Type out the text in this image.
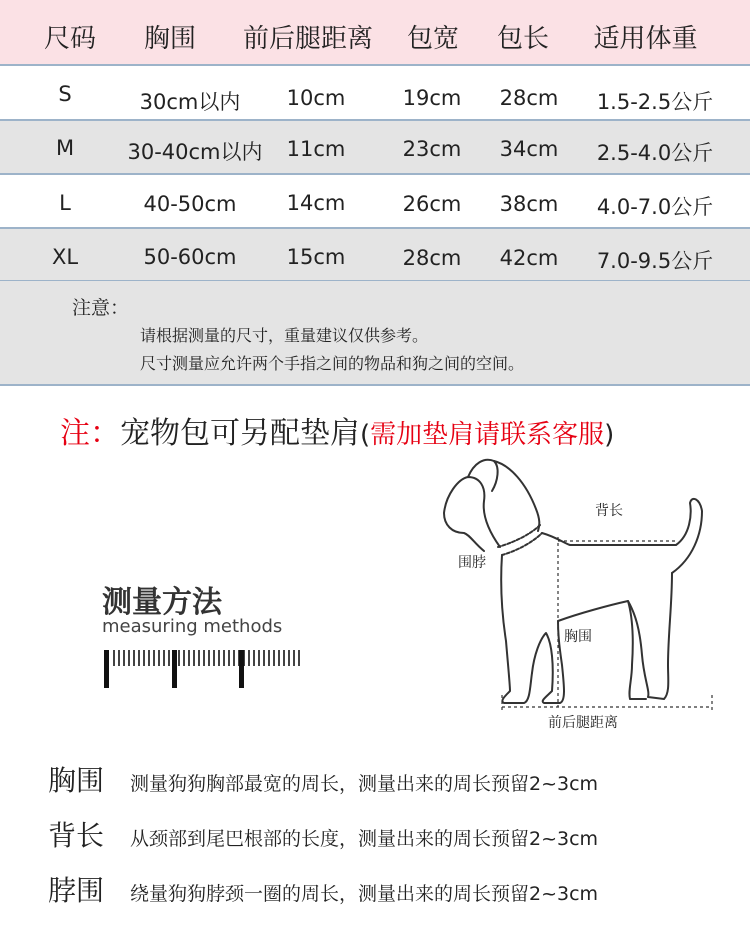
尺码	胸围	前后腿距离	包宽	包长	适用体重
S	30cm以内	10cm	19cm	28cm	1.5-2.5公斤
M	30-40cm以内	11cm	23cm	34cm	2.5-4.0公斤
L	40-50cm	14cm	26cm	38cm	4.0-7.0公斤
XL	50-60cm	15cm	28cm	42cm	7.0-9.5公斤
注意：
请根据测量的尺寸，重量建议仅供参考。
尺寸测量应允许两个手指之间的物品和狗之间的空间。
注：宠物包可另配垫肩(需加垫肩请联系客服)
测量方法
measuring methods
背长
围脖
胸围
前后腿距离
胸围 测量狗狗胸部最宽的周长，测量出来的周长预留2~3cm
背长 从颈部到尾巴根部的长度，测量出来的周长预留2~3cm
脖围 绕量狗狗脖颈一圈的周长，测量出来的周长预留2~3cm
